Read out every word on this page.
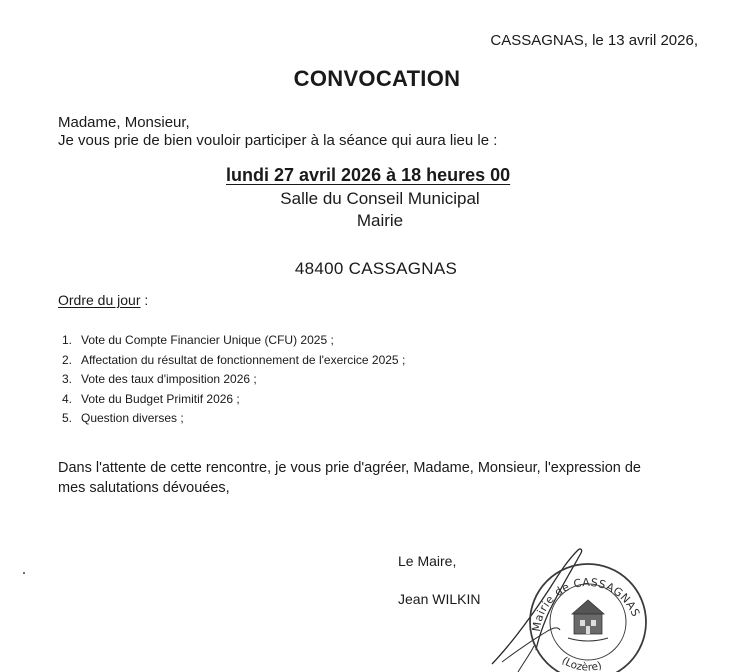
CASSAGNAS, le 13 avril 2026,
CONVOCATION
Madame, Monsieur,
Je vous prie de bien vouloir participer à la séance qui aura lieu le :
lundi 27 avril 2026 à 18 heures 00
Salle du Conseil Municipal
Mairie
48400 CASSAGNAS
Ordre du jour :
1. Vote du Compte Financier Unique (CFU) 2025 ;
2. Affectation du résultat de fonctionnement de l'exercice 2025 ;
3. Vote des taux d'imposition 2026 ;
4. Vote du Budget Primitif 2026 ;
5. Question diverses ;
Dans l'attente de cette rencontre, je vous prie d'agréer, Madame, Monsieur, l'expression de
mes salutations dévouées,
Le Maire,
Jean WILKIN
Mairie de CASSAGNAS
(Lozère)
